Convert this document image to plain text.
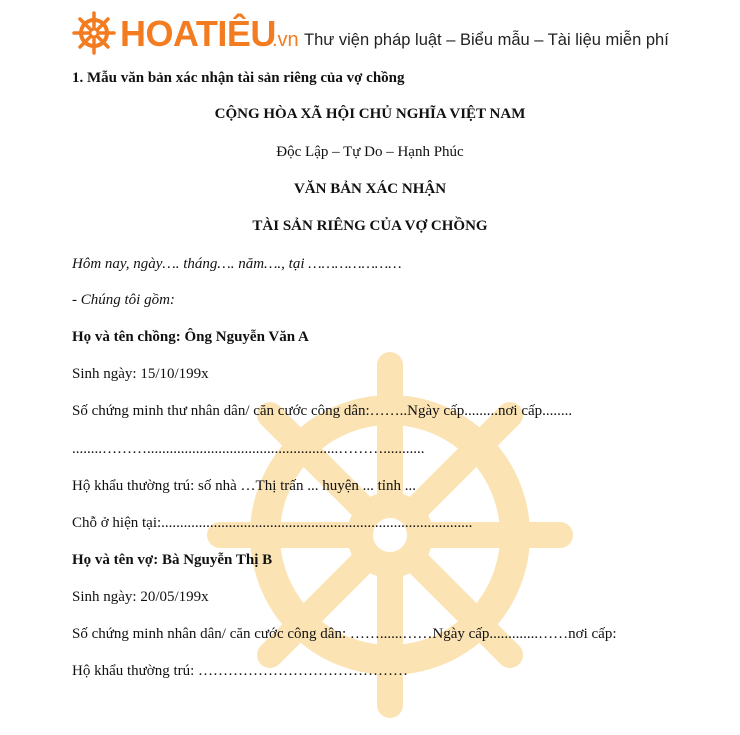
HOATIÊU
.vn Thư viện pháp luật – Biểu mẫu – Tài liệu miễn phí
1. Mẫu văn bản xác nhận tài sản riêng của vợ chồng
CỘNG HÒA XÃ HỘI CHỦ NGHĨA VIỆT NAM
Độc Lập – Tự Do – Hạnh Phúc
VĂN BẢN XÁC NHẬN
TÀI SẢN RIÊNG CỦA VỢ CHỒNG
Hôm nay, ngày…. tháng…. năm…., tại …………………
- Chúng tôi gồm:
Họ và tên chồng: Ông Nguyễn Văn A
Sinh ngày: 15/10/199x
Số chứng minh thư nhân dân/ căn cước công dân:……..Ngày cấp.........nơi cấp........
........………...................................................………...........
Hộ khẩu thường trú: số nhà …Thị trấn ... huyện ... tỉnh ...
Chỗ ở hiện tại:...................................................................................
Họ và tên vợ: Bà Nguyễn Thị B
Sinh ngày: 20/05/199x
Số chứng minh nhân dân/ căn cước công dân: ……......……Ngày cấp.............……nơi cấp:
Hộ khẩu thường trú: ……………………………………
